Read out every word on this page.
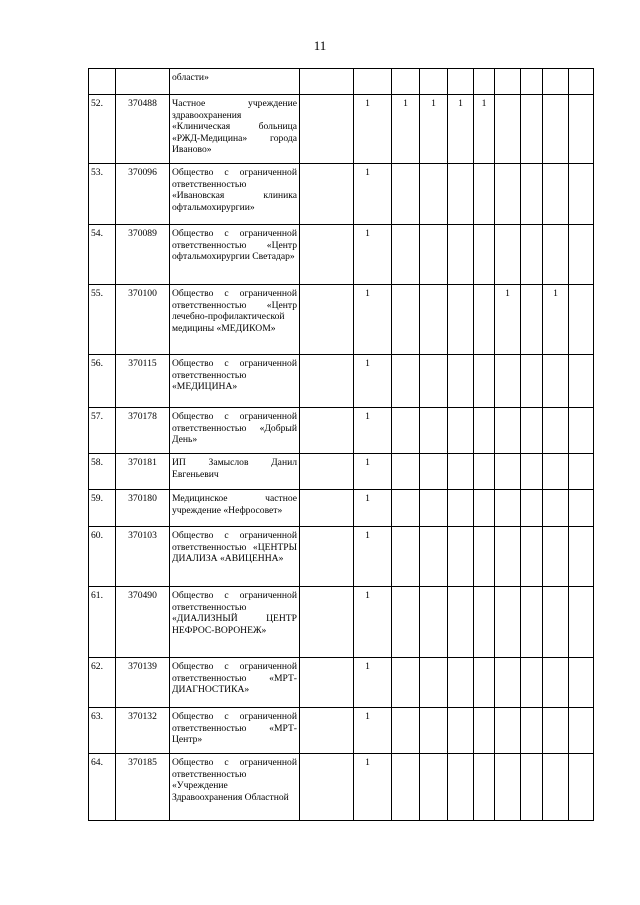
11
		области»										
52.	370488	Частное учреждение здравоохранения «Клиническая больница «РЖД-Медицина» города Иваново»		1	1	1	1	1				
53.	370096	Общество с ограниченной ответственностью «Ивановская клиника офтальмохирургии»		1								
54.	370089	Общество с ограниченной ответственностью «Центр офтальмохирургии Светадар»		1								
55.	370100	Общество с ограниченной ответственностью «Центр лечебно-профилактической медицины «МЕДИКОМ»		1					1		1	
56.	370115	Общество с ограниченной ответственностью «МЕДИЦИНА»		1								
57.	370178	Общество с ограниченной ответственностью «Добрый День»		1								
58.	370181	ИП Замыслов Данил Евгеньевич		1								
59.	370180	Медицинское частное учреждение «Нефросовет»		1								
60.	370103	Общество с ограниченной ответственностью «ЦЕНТРЫ ДИАЛИЗА «АВИЦЕННА»		1								
61.	370490	Общество с ограниченной ответственностью «ДИАЛИЗНЫЙ ЦЕНТР НЕФРОС-ВОРОНЕЖ»		1								
62.	370139	Общество с ограниченной ответственностью «МРТ-ДИАГНОСТИКА»		1								
63.	370132	Общество с ограниченной ответственностью «МРТ-Центр»		1								
64.	370185	Общество с ограниченной ответственностью «Учреждение Здравоохранения Областной		1								
